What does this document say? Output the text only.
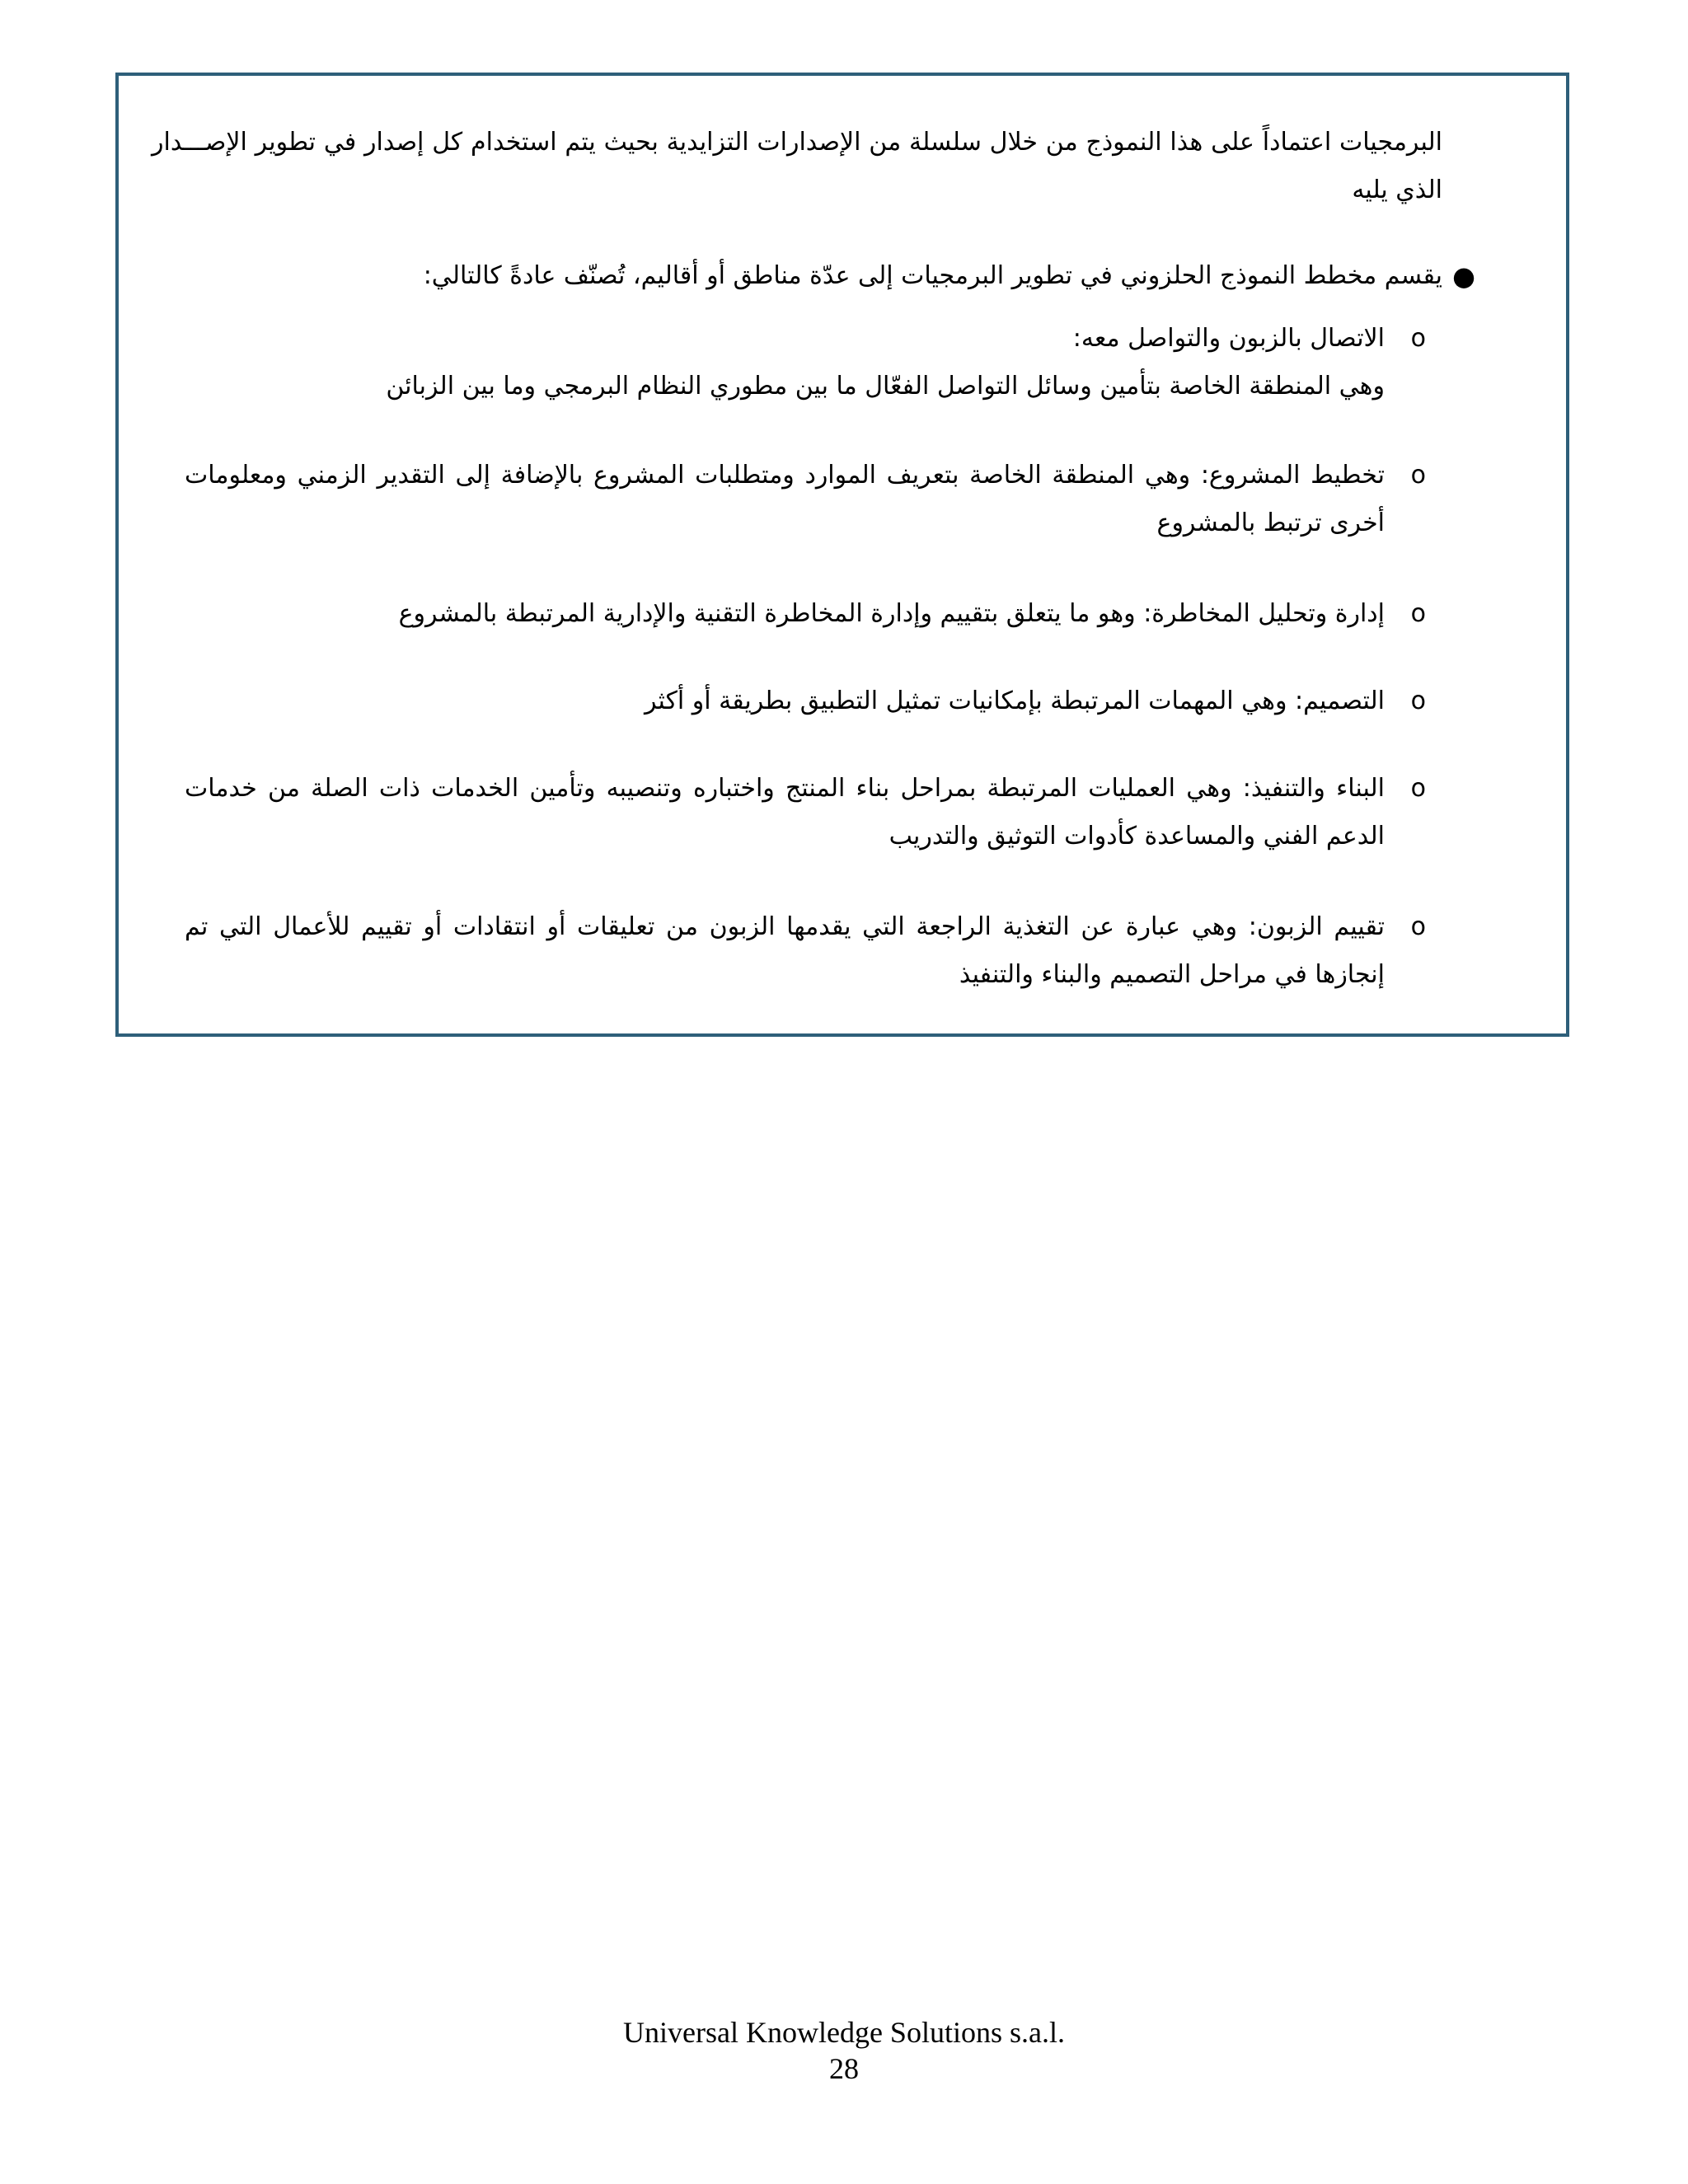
البرمجيات اعتماداً على هذا النموذج من خلال سلسلة من الإصدارات التزايدية بحيث يتم استخدام كل إصدار في تطوير الإصـــدار الذي يليه

●
يقسم مخطط النموذج الحلزوني في تطوير البرمجيات إلى عدّة مناطق أو أقاليم، تُصنّف عادةً كالتالي:

o
الاتصال بالزبون والتواصل معه:
وهي المنطقة الخاصة بتأمين وسائل التواصل الفعّال ما بين مطوري النظام البرمجي وما بين الزبائن
o
تخطيط المشروع: وهي المنطقة الخاصة بتعريف الموارد ومتطلبات المشروع بالإضافة إلى التقدير الزمني ومعلومات أخرى ترتبط بالمشروع
o
إدارة وتحليل المخاطرة: وهو ما يتعلق بتقييم وإدارة المخاطرة التقنية والإدارية المرتبطة بالمشروع
o
التصميم: وهي المهمات المرتبطة بإمكانيات تمثيل التطبيق بطريقة أو أكثر
o
البناء والتنفيذ: وهي العمليات المرتبطة بمراحل بناء المنتج واختباره وتنصيبه وتأمين الخدمات ذات الصلة من خدمات الدعم الفني والمساعدة كأدوات التوثيق والتدريب
o
تقييم الزبون: وهي عبارة عن التغذية الراجعة التي يقدمها الزبون من تعليقات أو انتقادات أو تقييم للأعمال التي تم إنجازها في مراحل التصميم والبناء والتنفيذ
Universal Knowledge Solutions s.a.l.
28
